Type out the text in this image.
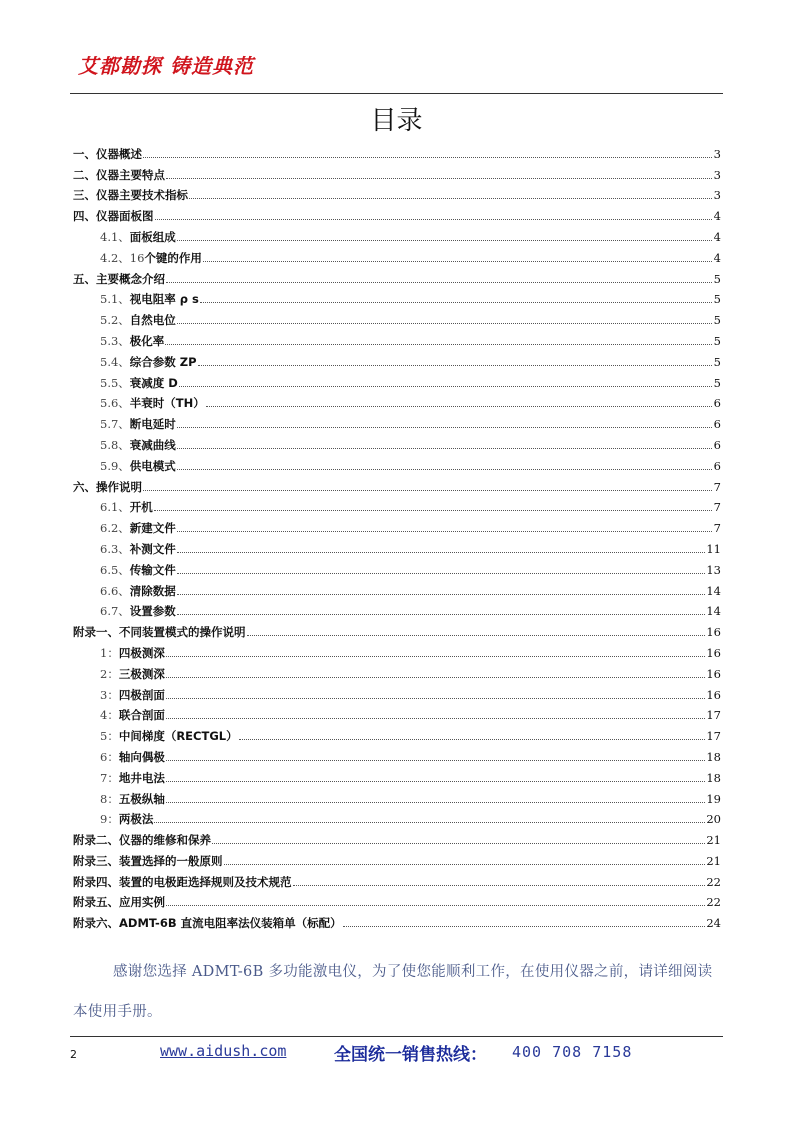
艾都勘探 铸造典范
目录
一、仪器概述	3
二、仪器主要特点	3
三、仪器主要技术指标	3
四、仪器面板图	4
4.1、 面板组成	4
4.2、16 个键的作用	4
五、主要概念介绍	5
5.1、 视电阻率 ρ s	5
5.2、 自然电位	5
5.3、 极化率	5
5.4、 综合参数 ZP	5
5.5、 衰减度 D	5
5.6、 半衰时（TH）	6
5.7、 断电延时	6
5.8、 衰减曲线	6
5.9、 供电模式	6
六、操作说明	7
6.1、 开机	7
6.2、 新建文件	7
6.3、 补测文件	11
6.5、 传输文件	13
6.6、 清除数据	14
6.7、 设置参数	14
附录一、不同装置模式的操作说明	16
1： 四极测深	16
2： 三极测深	16
3： 四极剖面	16
4： 联合剖面	17
5： 中间梯度（RECTGL）	17
6： 轴向偶极	18
7： 地井电法	18
8： 五极纵轴	19
9： 两极法	20
附录二、仪器的维修和保养	21
附录三、装置选择的一般原则	21
附录四、装置的电极距选择规则及技术规范	22
附录五、应用实例	22
附录六、ADMT-6B 直流电阻率法仪装箱单（标配）	24
感谢您选择 ADMT-6B 多功能激电仪，为了使您能顺利工作，在使用仪器之前，请详细阅读本使用手册。
2	www.aidush.com	全国统一销售热线： 400 708 7158
